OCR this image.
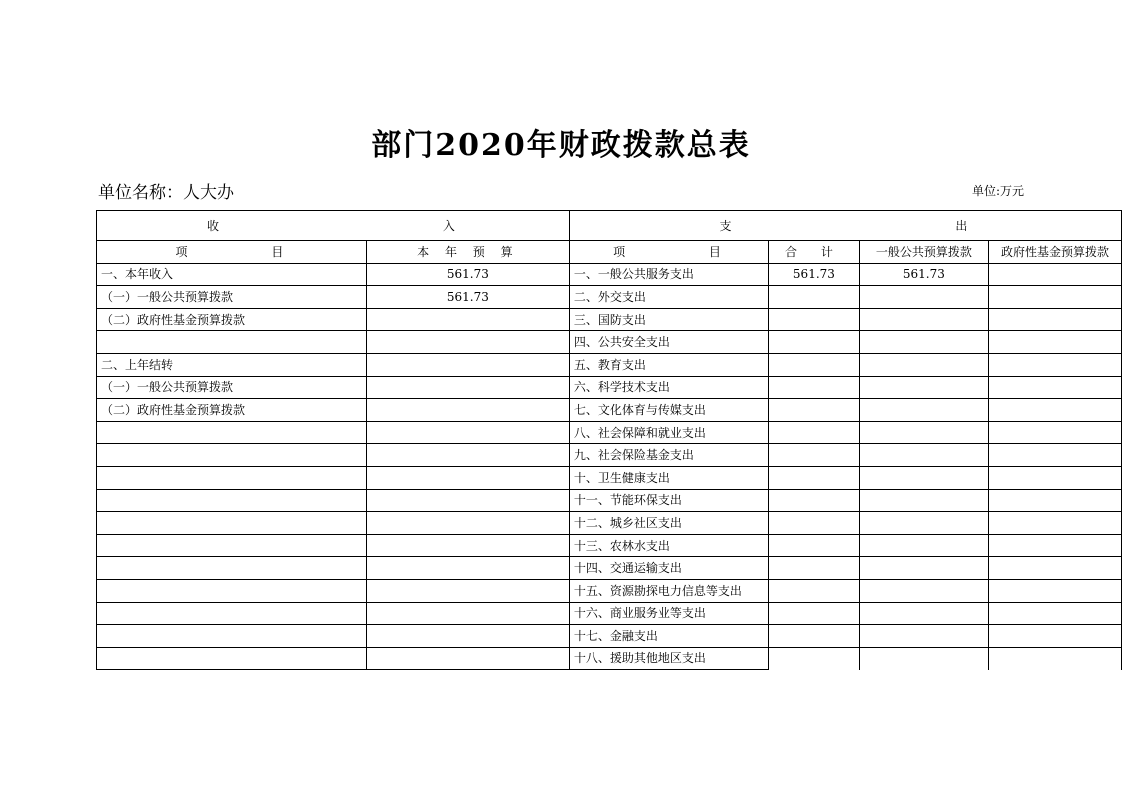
部门2020年财政拨款总表
单位名称：人大办	单位:万元
收 入		支 出			
项 目	本 年 预 算	项 目	合 计	一般公共预算拨款	政府性基金预算拨款
一、本年收入	561.73	一、一般公共服务支出	561.73	561.73	
（一）一般公共预算拨款	561.73	二、外交支出			
（二）政府性基金预算拨款		三、国防支出			
		四、公共安全支出			
二、上年结转		五、教育支出			
（一）一般公共预算拨款		六、科学技术支出			
（二）政府性基金预算拨款		七、文化体育与传媒支出			
		八、社会保障和就业支出			
		九、社会保险基金支出			
		十、卫生健康支出			
		十一、节能环保支出			
		十二、城乡社区支出			
		十三、农林水支出			
		十四、交通运输支出			
		十五、资源勘探电力信息等支出			
		十六、商业服务业等支出			
		十七、金融支出			
		十八、援助其他地区支出			
